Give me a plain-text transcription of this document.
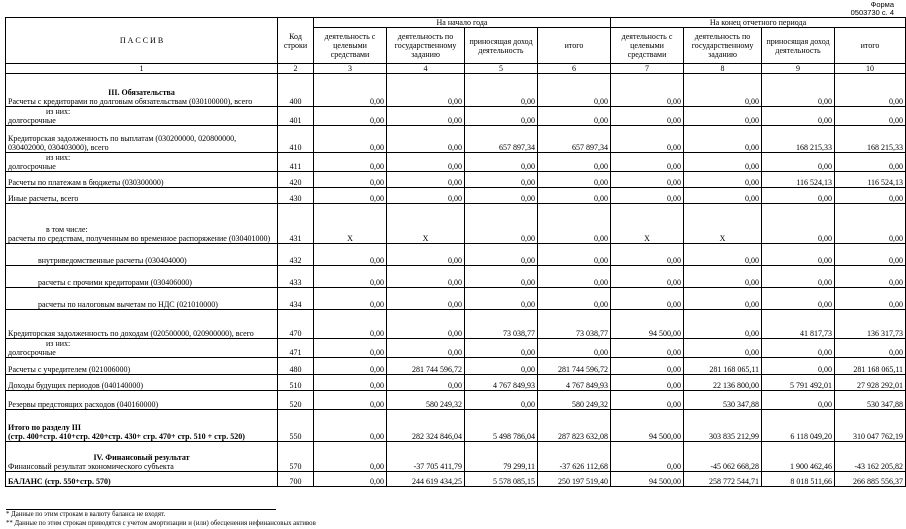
Форма
0503730 с. 4
П А С С И В	Код строки	На начало года				На конец отчетного периода			
		деятельность с целевыми средствами	деятельность по государственному заданию	приносящая доход деятельность	итого	деятельность с целевыми средствами	деятельность по государственному заданию	приносящая доход деятельность	итого
1	2	3	4	5	6	7	8	9	10

III. Обязательства
Расчеты с кредиторами по долговым обязательствам (030100000), всего	400	0,00	0,00	0,00	0,00	0,00	0,00	0,00	0,00

из них:
долгосрочные	401	0,00	0,00	0,00	0,00	0,00	0,00	0,00	0,00

Кредиторская задолженность по выплатам (030200000, 020800000, 030402000, 030403000), всего	410	0,00	0,00	657 897,34	657 897,34	0,00	0,00	168 215,33	168 215,33

из них:
долгосрочные	411	0,00	0,00	0,00	0,00	0,00	0,00	0,00	0,00

Расчеты по платежам в бюджеты (030300000)	420	0,00	0,00	0,00	0,00	0,00	0,00	116 524,13	116 524,13

Иные расчеты, всего	430	0,00	0,00	0,00	0,00	0,00	0,00	0,00	0,00

в том числе:
расчеты по средствам, полученным во временное распоряжение (030401000)	431	X	X	0,00	0,00	X	X	0,00	0,00

внутриведомственные расчеты (030404000)	432	0,00	0,00	0,00	0,00	0,00	0,00	0,00	0,00

расчеты с прочими кредиторами (030406000)	433	0,00	0,00	0,00	0,00	0,00	0,00	0,00	0,00

расчеты по налоговым вычетам по НДС (021010000)	434	0,00	0,00	0,00	0,00	0,00	0,00	0,00	0,00

Кредиторская задолженность по доходам (020500000, 020900000), всего	470	0,00	0,00	73 038,77	73 038,77	94 500,00	0,00	41 817,73	136 317,73

из них:
долгосрочные	471	0,00	0,00	0,00	0,00	0,00	0,00	0,00	0,00

Расчеты с учредителем (021006000)	480	0,00	281 744 596,72	0,00	281 744 596,72	0,00	281 168 065,11	0,00	281 168 065,11

Доходы будущих периодов (040140000)	510	0,00	0,00	4 767 849,93	4 767 849,93	0,00	22 136 800,00	5 791 492,01	27 928 292,01

Резервы предстоящих расходов (040160000)	520	0,00	580 249,32	0,00	580 249,32	0,00	530 347,88	0,00	530 347,88

Итого по разделу III
(стр. 400+стр. 410+стр. 420+стр. 430+ стр. 470+ стр. 510 + стр. 520)	550	0,00	282 324 846,04	5 498 786,04	287 823 632,08	94 500,00	303 835 212,99	6 118 049,20	310 047 762,19

IV. Финансовый результат
Финансовый результат экономического субъекта	570	0,00	-37 705 411,79	79 299,11	-37 626 112,68	0,00	-45 062 668,28	1 900 462,46	-43 162 205,82

БАЛАНС (стр. 550+стр. 570)	700	0,00	244 619 434,25	5 578 085,15	250 197 519,40	94 500,00	258 772 544,71	8 018 511,66	266 885 556,37
* Данные по этим строкам в валюту баланса не входят.
** Данные по этим строкам приводятся с учетом амортизации и (или) обесценения нефинансовых активов
